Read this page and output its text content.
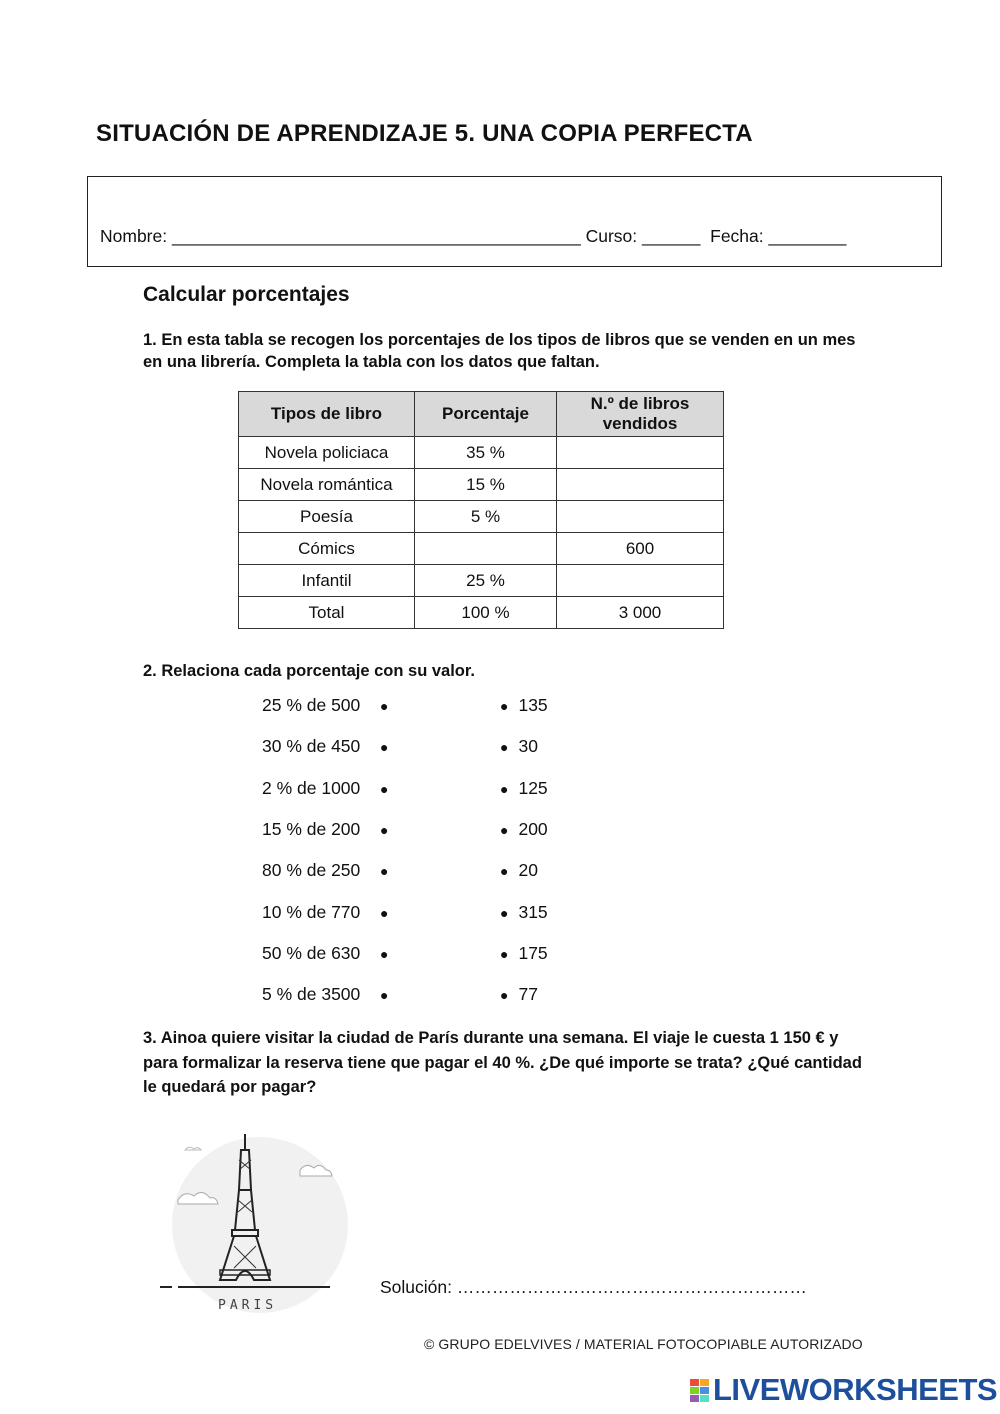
SITUACIÓN DE APRENDIZAJE 5. UNA COPIA PERFECTA
Nombre: __________________________________________ Curso: ______  Fecha: ________
Calcular porcentajes
1. En esta tabla se recogen los porcentajes de los tipos de libros que se venden en un mes en una librería. Completa la tabla con los datos que faltan.
Tipos de libro	Porcentaje	N.º de libros vendidos
Novela policiaca	35 %	
Novela romántica	15 %	
Poesía	5 %	
Cómics		600
Infantil	25 %	
Total	100 %	3 000
2. Relaciona cada porcentaje con su valor.
25 % de 500 ●	● 135
30 % de 450 ●	● 30
2 % de 1000 ●	● 125
15 % de 200 ●	● 200
80 % de 250 ●	● 20
10 % de 770 ●	● 315
50 % de 630 ●	● 175
5 % de 3500 ●	● 77
3. Ainoa quiere visitar la ciudad de París durante una semana. El viaje le cuesta 1 150 € y para formalizar la reserva tiene que pagar el 40 %. ¿De qué importe se trata? ¿Qué cantidad le quedará por pagar?
PARIS
Solución: ……………………………………………………
© GRUPO EDELVIVES / MATERIAL FOTOCOPIABLE AUTORIZADO
LIVEWORKSHEETS
